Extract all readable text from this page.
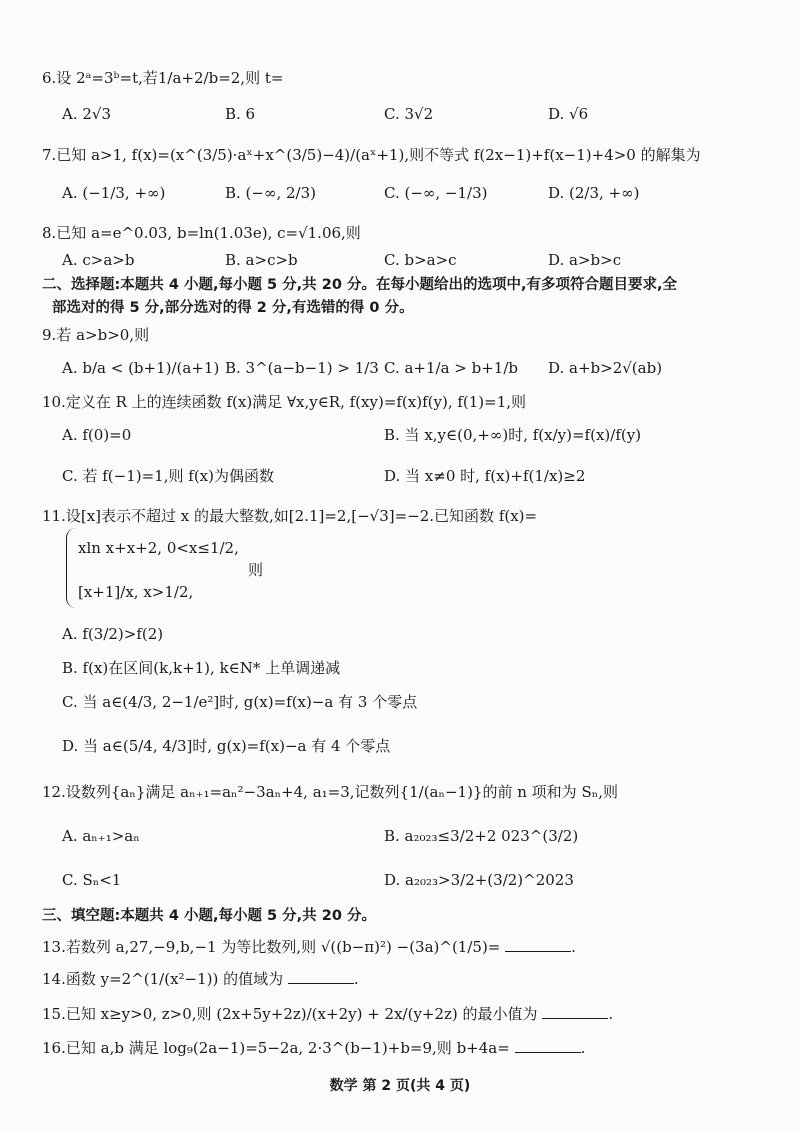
6.设 2ᵃ=3ᵇ=t,若1/a+2/b=2,则 t=
A. 2√3	B. 6	C. 3√2	D. √6
7.已知 a>1, f(x)=(x^(3/5)·aˣ+x^(3/5)−4)/(aˣ+1),则不等式 f(2x−1)+f(x−1)+4>0 的解集为
A. (−1/3, +∞)	B. (−∞, 2/3)	C. (−∞, −1/3)	D. (2/3, +∞)
8.已知 a=e^0.03, b=ln(1.03e), c=√1.06,则
A. c>a>b	B. a>c>b	C. b>a>c	D. a>b>c
二、选择题:本题共 4 小题,每小题 5 分,共 20 分。在每小题给出的选项中,有多项符合题目要求,全
部选对的得 5 分,部分选对的得 2 分,有选错的得 0 分。
9.若 a>b>0,则
A. b/a < (b+1)/(a+1) B. 3^(a−b−1) > 1/3 C. a+1/a > b+1/b D. a+b>2√(ab)
10.定义在 R 上的连续函数 f(x)满足 ∀x,y∈R, f(xy)=f(x)f(y), f(1)=1,则
A. f(0)=0	B. 当 x,y∈(0,+∞)时, f(x/y)=f(x)/f(y)
C. 若 f(−1)=1,则 f(x)为偶函数	D. 当 x≠0 时, f(x)+f(1/x)≥2
11.设[x]表示不超过 x 的最大整数,如[2.1]=2,[−√3]=−2.已知函数 f(x)=
xln x+x+2, 0<x≤1/2,
[x+1]/x, x>1/2,
则
A. f(3/2)>f(2)
B. f(x)在区间(k,k+1), k∈N* 上单调递减
C. 当 a∈(4/3, 2−1/e²]时, g(x)=f(x)−a 有 3 个零点
D. 当 a∈(5/4, 4/3]时, g(x)=f(x)−a 有 4 个零点
12.设数列{aₙ}满足 aₙ₊₁=aₙ²−3aₙ+4, a₁=3,记数列{1/(aₙ−1)}的前 n 项和为 Sₙ,则
A. aₙ₊₁>aₙ	B. a₂₀₂₃≤3/2+2 023^(3/2)
C. Sₙ<1	D. a₂₀₂₃>3/2+(3/2)^2023
三、填空题:本题共 4 小题,每小题 5 分,共 20 分。
13.若数列 a,27,−9,b,−1 为等比数列,则 √((b−π)²) −(3a)^(1/5)=	.
14.函数 y=2^(1/(x²−1)) 的值域为	.
15.已知 x≥y>0, z>0,则 (2x+5y+2z)/(x+2y) + 2x/(y+2z) 的最小值为	.
16.已知 a,b 满足 log₉(2a−1)=5−2a, 2·3^(b−1)+b=9,则 b+4a=	.
数学 第 2 页(共 4 页)
